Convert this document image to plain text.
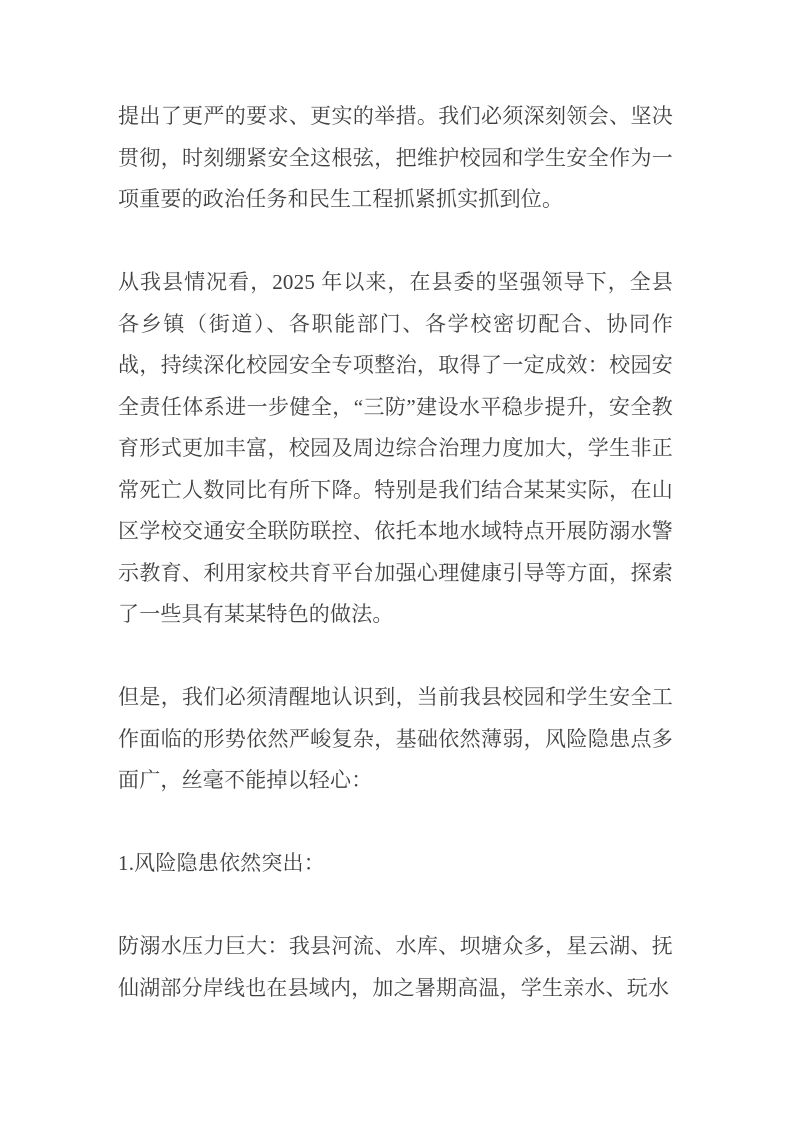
提出了更严的要求、更实的举措。我们必须深刻领会、坚决贯彻，时刻绷紧安全这根弦，把维护校园和学生安全作为一项重要的政治任务和民生工程抓紧抓实抓到位。

从我县情况看，2025 年以来，在县委的坚强领导下，全县各乡镇（街道）、各职能部门、各学校密切配合、协同作战，持续深化校园安全专项整治，取得了一定成效：校园安全责任体系进一步健全，“三防”建设水平稳步提升，安全教育形式更加丰富，校园及周边综合治理力度加大，学生非正常死亡人数同比有所下降。特别是我们结合某某实际，在山区学校交通安全联防联控、依托本地水域特点开展防溺水警示教育、利用家校共育平台加强心理健康引导等方面，探索了一些具有某某特色的做法。

但是，我们必须清醒地认识到，当前我县校园和学生安全工作面临的形势依然严峻复杂，基础依然薄弱，风险隐患点多面广，丝毫不能掉以轻心：

1.风险隐患依然突出：

防溺水压力巨大：我县河流、水库、坝塘众多，星云湖、抚仙湖部分岸线也在县域内，加之暑期高温，学生亲水、玩水
